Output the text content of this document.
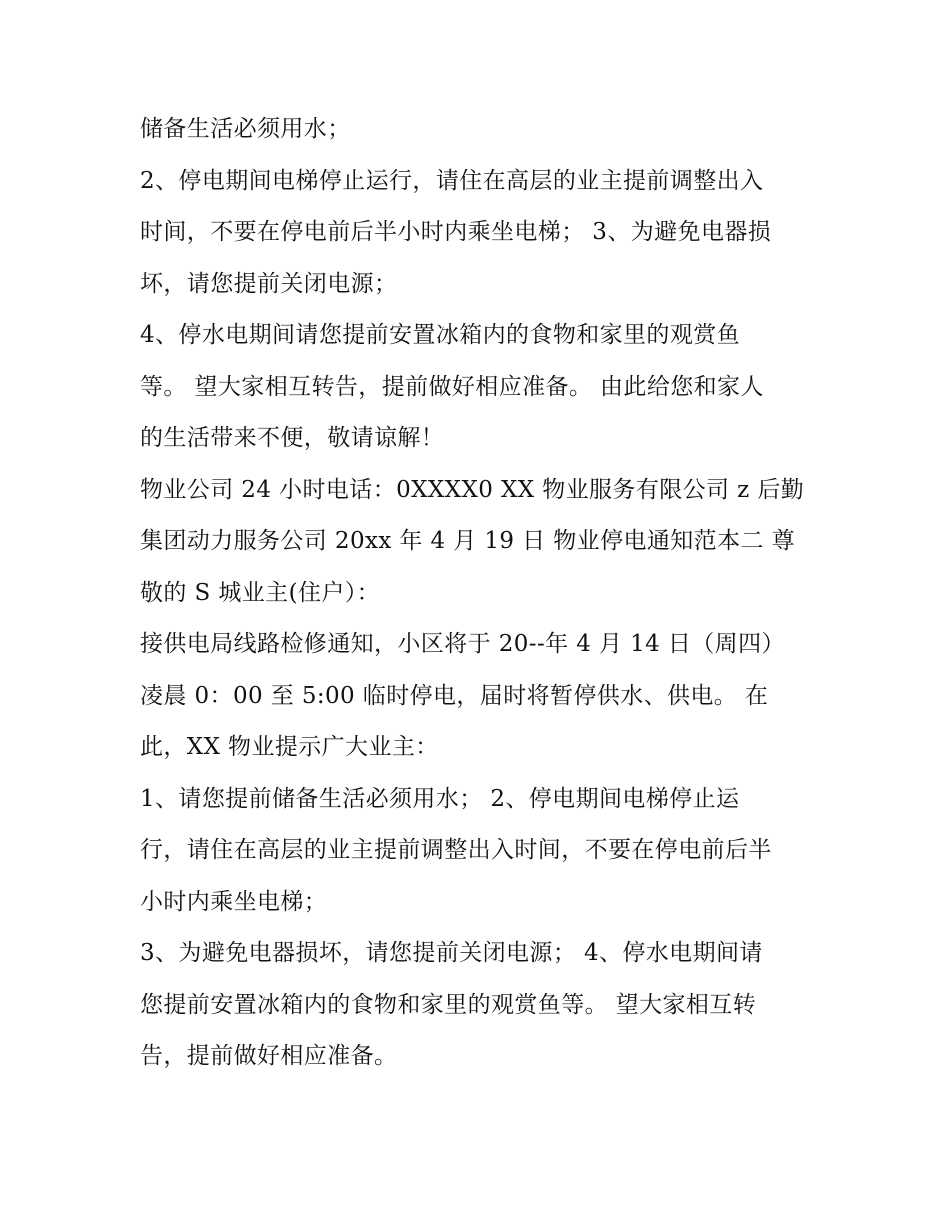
储备生活必须用水；
2、停电期间电梯停止运行，请住在高层的业主提前调整出入
时间，不要在停电前后半小时内乘坐电梯； 3、为避免电器损
坏，请您提前关闭电源；
4、停水电期间请您提前安置冰箱内的食物和家里的观赏鱼
等。 望大家相互转告，提前做好相应准备。 由此给您和家人
的生活带来不便，敬请谅解！
物业公司 24 小时电话：0XXXX0 XX 物业服务有限公司 z 后勤
集团动力服务公司 20xx 年 4 月 19 日 物业停电通知范本二 尊
敬的 S 城业主(住户）：
接供电局线路检修通知，小区将于 20--年 4 月 14 日（周四）
凌晨 0：00 至 5:00 临时停电，届时将暂停供水、供电。 在
此，XX 物业提示广大业主：
1、请您提前储备生活必须用水； 2、停电期间电梯停止运
行，请住在高层的业主提前调整出入时间，不要在停电前后半
小时内乘坐电梯；
3、为避免电器损坏，请您提前关闭电源； 4、停水电期间请
您提前安置冰箱内的食物和家里的观赏鱼等。 望大家相互转
告，提前做好相应准备。
